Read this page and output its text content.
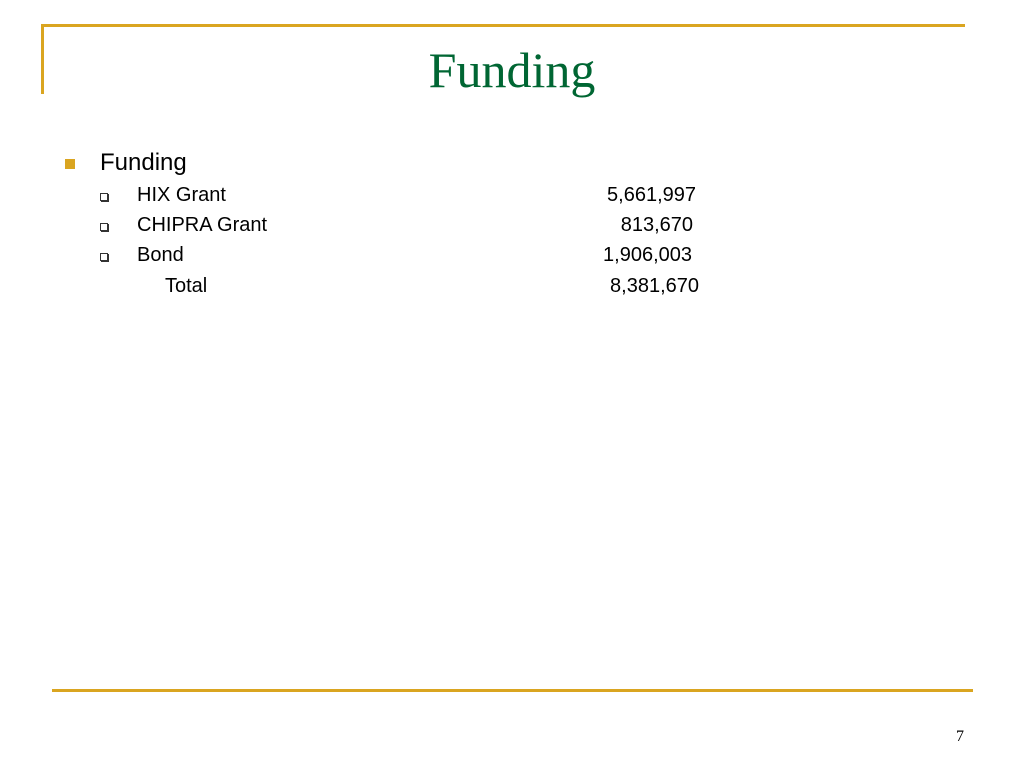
Funding
Funding
HIX Grant	5,661,997
CHIPRA Grant	813,670
Bond	1,906,003
Total	8,381,670
7
